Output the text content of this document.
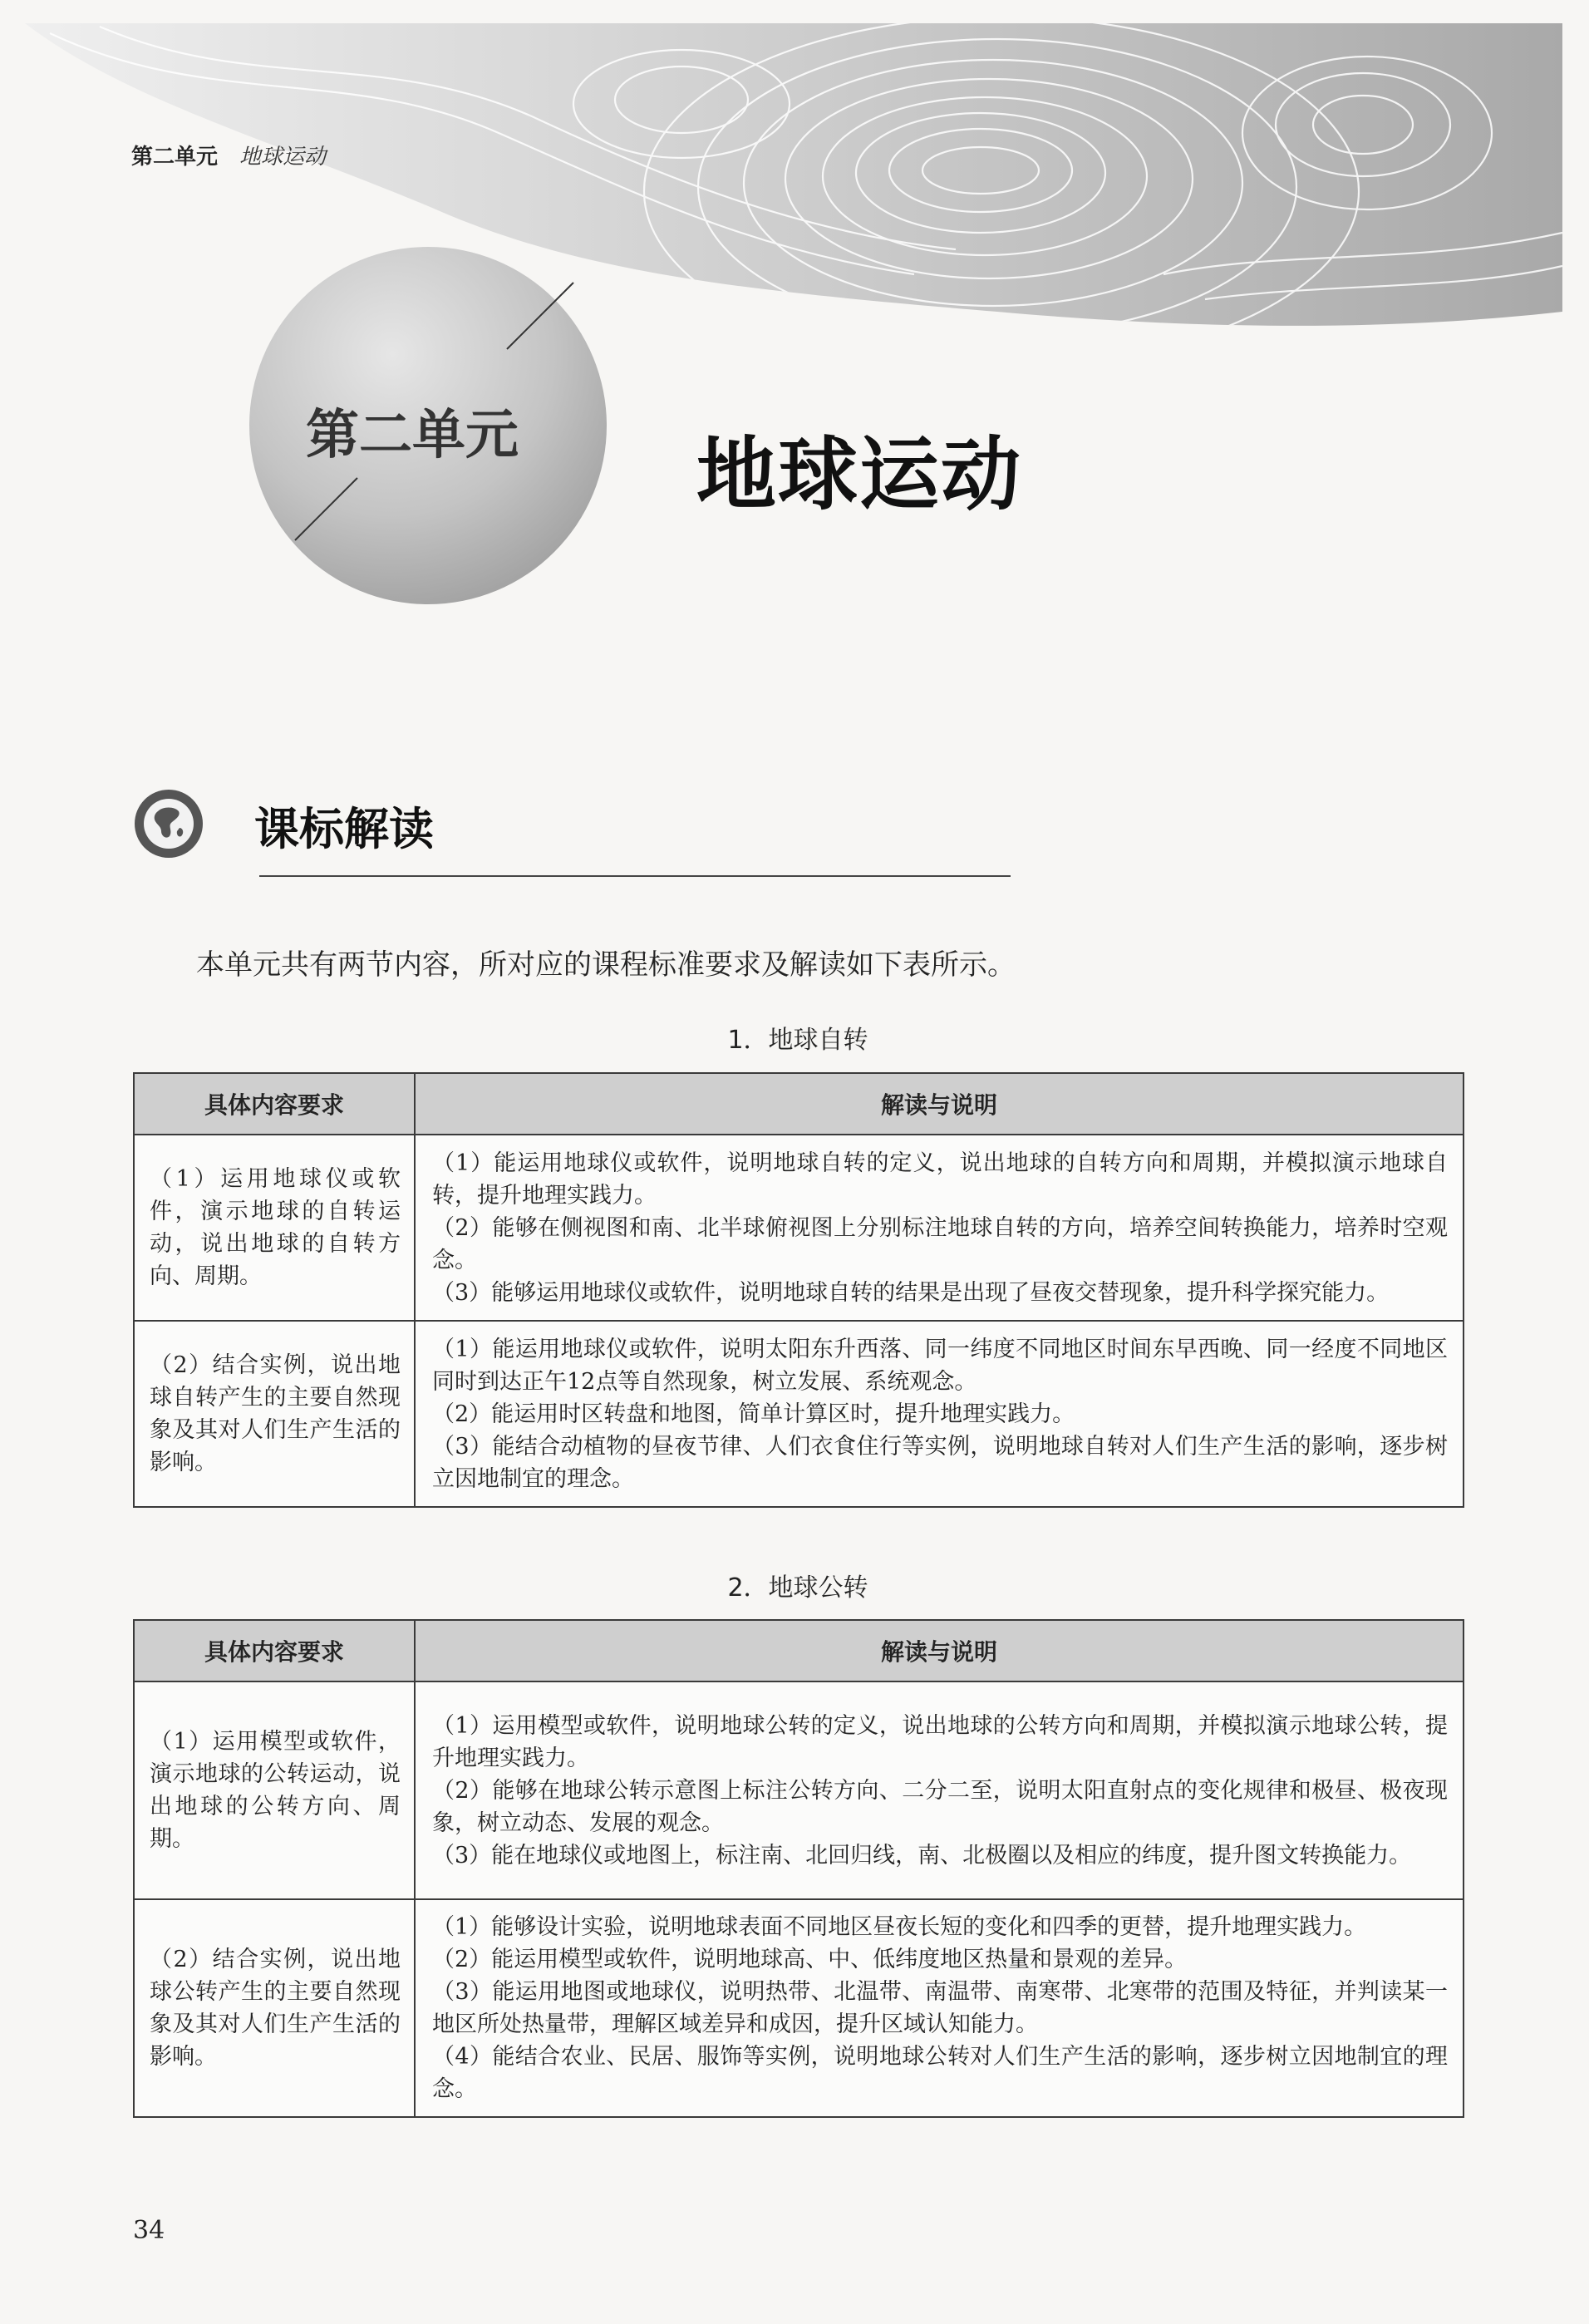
第二单元 地球运动
第二单元	地球运动
课标解读
本单元共有两节内容，所对应的课程标准要求及解读如下表所示。
1．地球自转
具体内容要求	解读与说明
（1）运用地球仪或软件，演示地球的自转运动，说出地球的自转方向、周期。	（1）能运用地球仪或软件，说明地球自转的定义，说出地球的自转方向和周期，并模拟演示地球自转，提升地理实践力。
（2）能够在侧视图和南、北半球俯视图上分别标注地球自转的方向，培养空间转换能力，培养时空观念。
（3）能够运用地球仪或软件，说明地球自转的结果是出现了昼夜交替现象，提升科学探究能力。

（2）结合实例，说出地球自转产生的主要自然现象及其对人们生产生活的影响。	（1）能运用地球仪或软件，说明太阳东升西落、同一纬度不同地区时间东早西晚、同一经度不同地区同时到达正午12点等自然现象，树立发展、系统观念。
（2）能运用时区转盘和地图，简单计算区时，提升地理实践力。
（3）能结合动植物的昼夜节律、人们衣食住行等实例，说明地球自转对人们生产生活的影响，逐步树立因地制宜的理念。
2．地球公转
具体内容要求	解读与说明
（1）运用模型或软件，演示地球的公转运动，说出地球的公转方向、周期。	（1）运用模型或软件，说明地球公转的定义，说出地球的公转方向和周期，并模拟演示地球公转，提升地理实践力。
（2）能够在地球公转示意图上标注公转方向、二分二至，说明太阳直射点的变化规律和极昼、极夜现象，树立动态、发展的观念。
（3）能在地球仪或地图上，标注南、北回归线，南、北极圈以及相应的纬度，提升图文转换能力。

（2）结合实例，说出地球公转产生的主要自然现象及其对人们生产生活的影响。	（1）能够设计实验，说明地球表面不同地区昼夜长短的变化和四季的更替，提升地理实践力。
（2）能运用模型或软件，说明地球高、中、低纬度地区热量和景观的差异。
（3）能运用地图或地球仪，说明热带、北温带、南温带、南寒带、北寒带的范围及特征，并判读某一地区所处热量带，理解区域差异和成因，提升区域认知能力。
（4）能结合农业、民居、服饰等实例，说明地球公转对人们生产生活的影响，逐步树立因地制宜的理念。
34
